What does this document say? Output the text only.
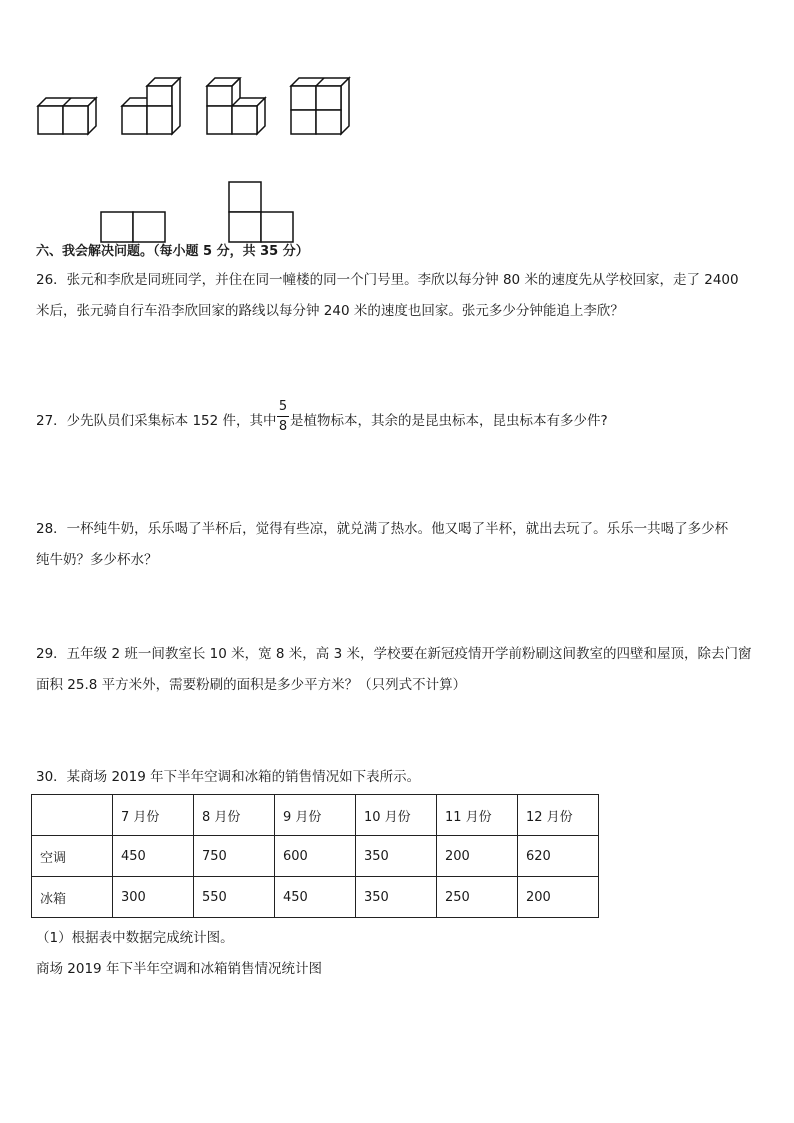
六、我会解决问题。（每小题 5 分，共 35 分）
26．张元和李欣是同班同学，并住在同一幢楼的同一个门号里。李欣以每分钟 80 米的速度先从学校回家，走了 2400
米后，张元骑自行车沿李欣回家的路线以每分钟 240 米的速度也回家。张元多少分钟能追上李欣？
27．少先队员们采集标本 152 件，其中
5
8 是植物标本，其余的是昆虫标本，昆虫标本有多少件?
28．一杯纯牛奶，乐乐喝了半杯后，觉得有些凉，就兑满了热水。他又喝了半杯，就出去玩了。乐乐一共喝了多少杯
纯牛奶？多少杯水？
29．五年级 2 班一间教室长 10 米，宽 8 米，高 3 米，学校要在新冠疫情开学前粉刷这间教室的四壁和屋顶，除去门窗
面积 25.8 平方米外，需要粉刷的面积是多少平方米？（只列式不计算）
30．某商场 2019 年下半年空调和冰箱的销售情况如下表所示。
	7 月份	8 月份	9 月份	10 月份	11 月份	12 月份
空调	450	750	600	350	200	620
冰箱	300	550	450	350	250	200
（1）根据表中数据完成统计图。
商场 2019 年下半年空调和冰箱销售情况统计图
